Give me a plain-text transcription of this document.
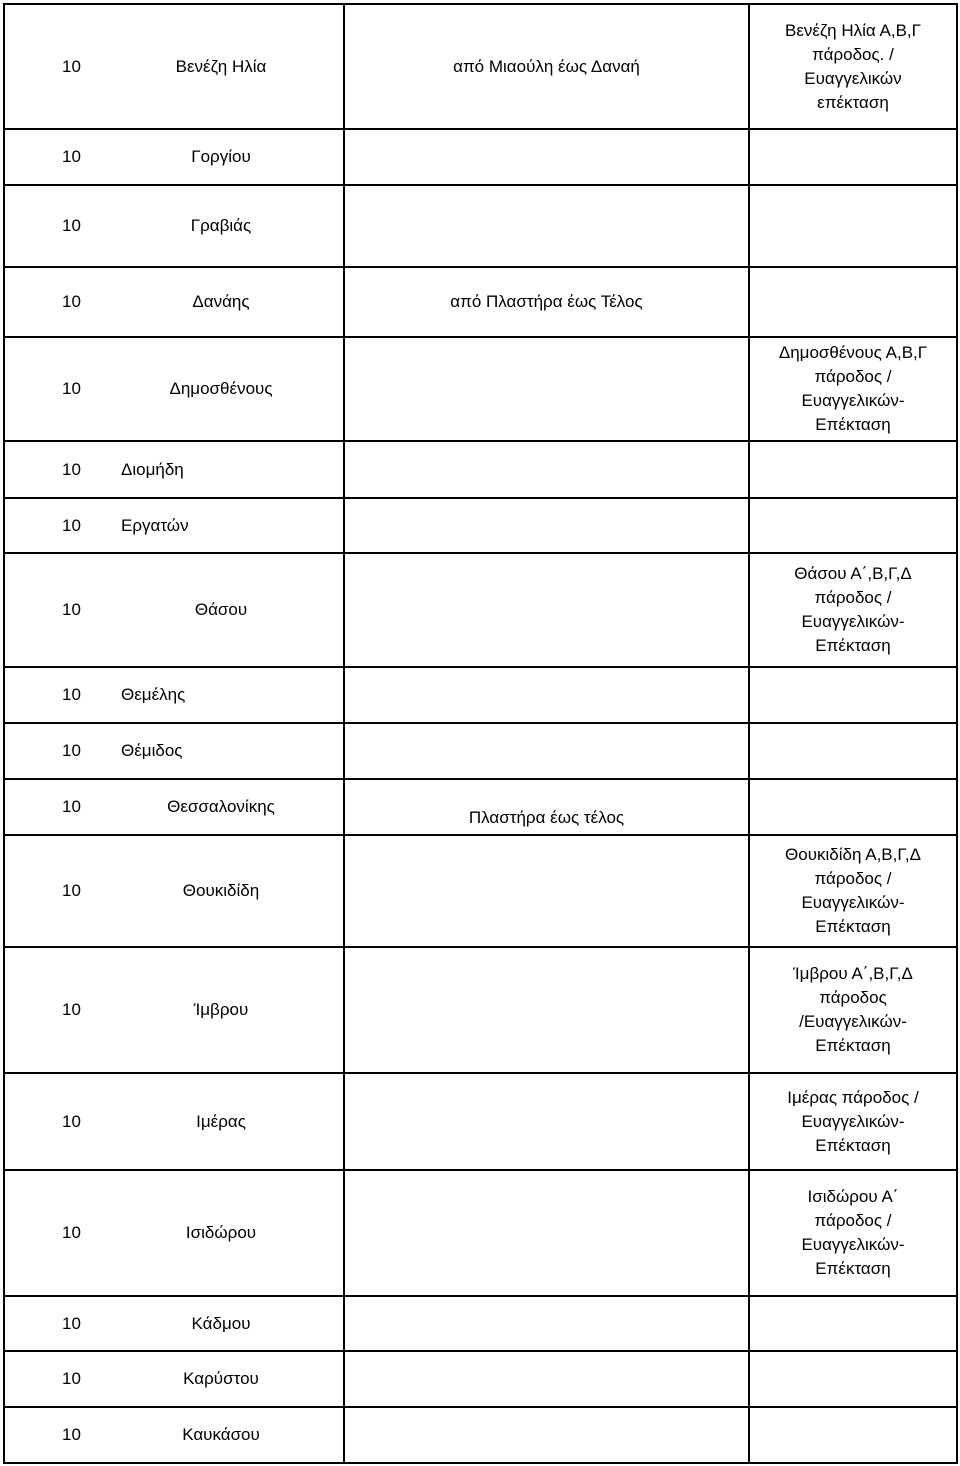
10 Βενέζη Ηλία	από Μιαούλη έως Δαναή	Βενέζη Ηλία Α,Β,Γ
πάροδος. /
Ευαγγελικών
επέκταση

10 Γοργίου		

10 Γραβιάς		

10 Δανάης	από Πλαστήρα έως Τέλος	

10 Δημοσθένους		Δημοσθένους Α,Β,Γ
πάροδος /
Ευαγγελικών-
Επέκταση

10 Διομήδη		

10 Εργατών		

10 Θάσου		Θάσου Α΄,Β,Γ,Δ
πάροδος /
Ευαγγελικών-
Επέκταση

10 Θεμέλης		

10 Θέμιδος		

10 Θεσσαλονίκης	Πλαστήρα έως τέλος	

10 Θουκιδίδη		Θουκιδίδη Α,Β,Γ,Δ
πάροδος /
Ευαγγελικών-
Επέκταση

10 Ίμβρου		Ίμβρου Α΄,Β,Γ,Δ
πάροδος
/Ευαγγελικών-
Επέκταση

10 Ιμέρας		Ιμέρας πάροδος /
Ευαγγελικών-
Επέκταση

10 Ισιδώρου		Ισιδώρου Α΄
πάροδος /
Ευαγγελικών-
Επέκταση

10 Κάδμου		

10 Καρύστου		

10 Καυκάσου		
